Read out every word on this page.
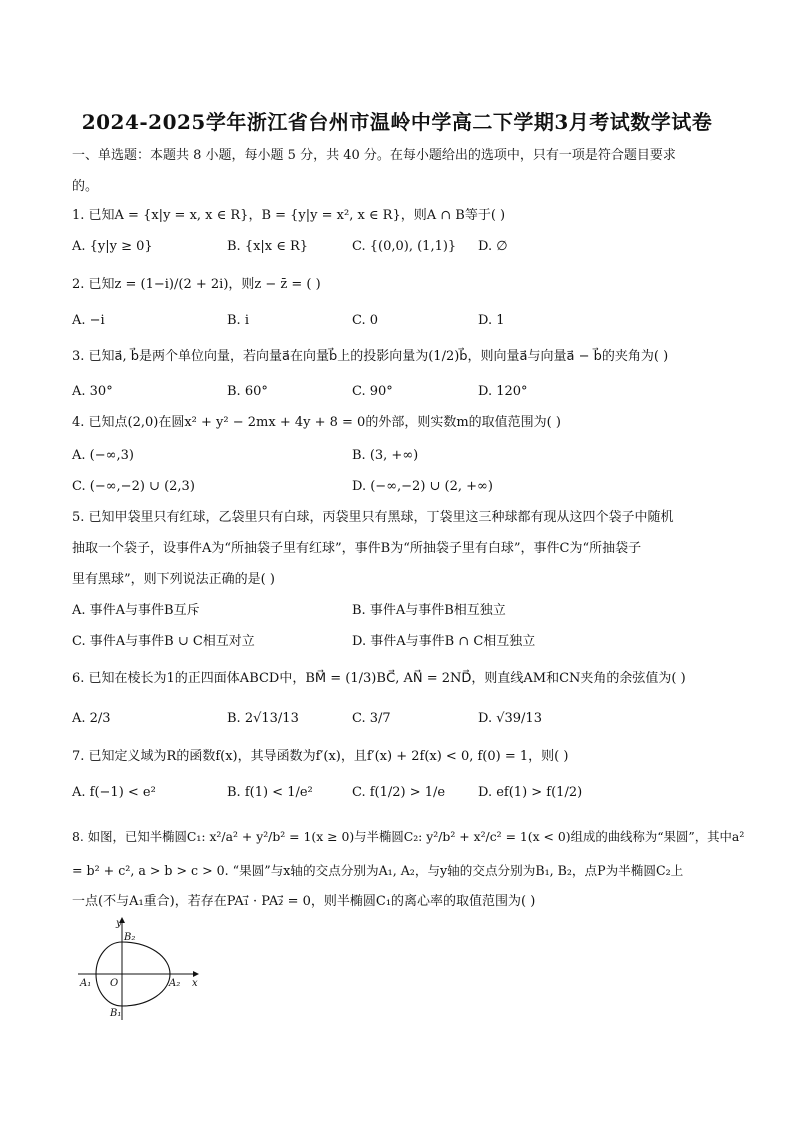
2024-2025学年浙江省台州市温岭中学高二下学期3月考试数学试卷
一、单选题：本题共 8 小题，每小题 5 分，共 40 分。在每小题给出的选项中，只有一项是符合题目要求
的。
1. 已知A = {x|y = x, x ∈ R}，B = {y|y = x², x ∈ R}，则A ∩ B等于( )
A. {y|y ≥ 0}	B. {x|x ∈ R}	C. {(0,0), (1,1)} D. ∅
2. 已知z = (1−i)/(2 + 2i)，则z − z̄ = ( )
A. −i	B. i	C. 0	D. 1
3. 已知a⃗, b⃗是两个单位向量，若向量a⃗在向量b⃗上的投影向量为(1/2)b⃗，则向量a⃗与向量a⃗ − b⃗的夹角为( )
A. 30°	B. 60°	C. 90°	D. 120°
4. 已知点(2,0)在圆x² + y² − 2mx + 4y + 8 = 0的外部，则实数m的取值范围为( )
A. (−∞,3)	B. (3, +∞)
C. (−∞,−2) ∪ (2,3)	D. (−∞,−2) ∪ (2, +∞)
5. 已知甲袋里只有红球，乙袋里只有白球，丙袋里只有黑球，丁袋里这三种球都有现从这四个袋子中随机
抽取一个袋子，设事件A为“所抽袋子里有红球”，事件B为“所抽袋子里有白球”，事件C为“所抽袋子
里有黑球”，则下列说法正确的是( )
A. 事件A与事件B互斥	B. 事件A与事件B相互独立
C. 事件A与事件B ∪ C相互对立	D. 事件A与事件B ∩ C相互独立
6. 已知在棱长为1的正四面体ABCD中，BM⃗ = (1/3)BC⃗, AN⃗ = 2ND⃗，则直线AM和CN夹角的余弦值为( )
A. 2/3	B. 2√13/13	C. 3/7	D. √39/13
7. 已知定义域为R的函数f(x)，其导函数为f′(x)，且f′(x) + 2f(x) < 0, f(0) = 1，则( )
A. f(−1) < e²	B. f(1) < 1/e²	C. f(1/2) > 1/e	D. ef(1) > f(1/2)
8. 如图，已知半椭圆C₁: x²/a² + y²/b² = 1(x ≥ 0)与半椭圆C₂: y²/b² + x²/c² = 1(x < 0)组成的曲线称为“果圆”，其中a²
= b² + c², a > b > c > 0. “果圆”与x轴的交点分别为A₁, A₂，与y轴的交点分别为B₁, B₂，点P为半椭圆C₂上
一点(不与A₁重合)，若存在PA₁⃗ · PA₂⃗ = 0，则半椭圆C₁的离心率的取值范围为( )
y
x
O
A₁	A₂
B₂
B₁
